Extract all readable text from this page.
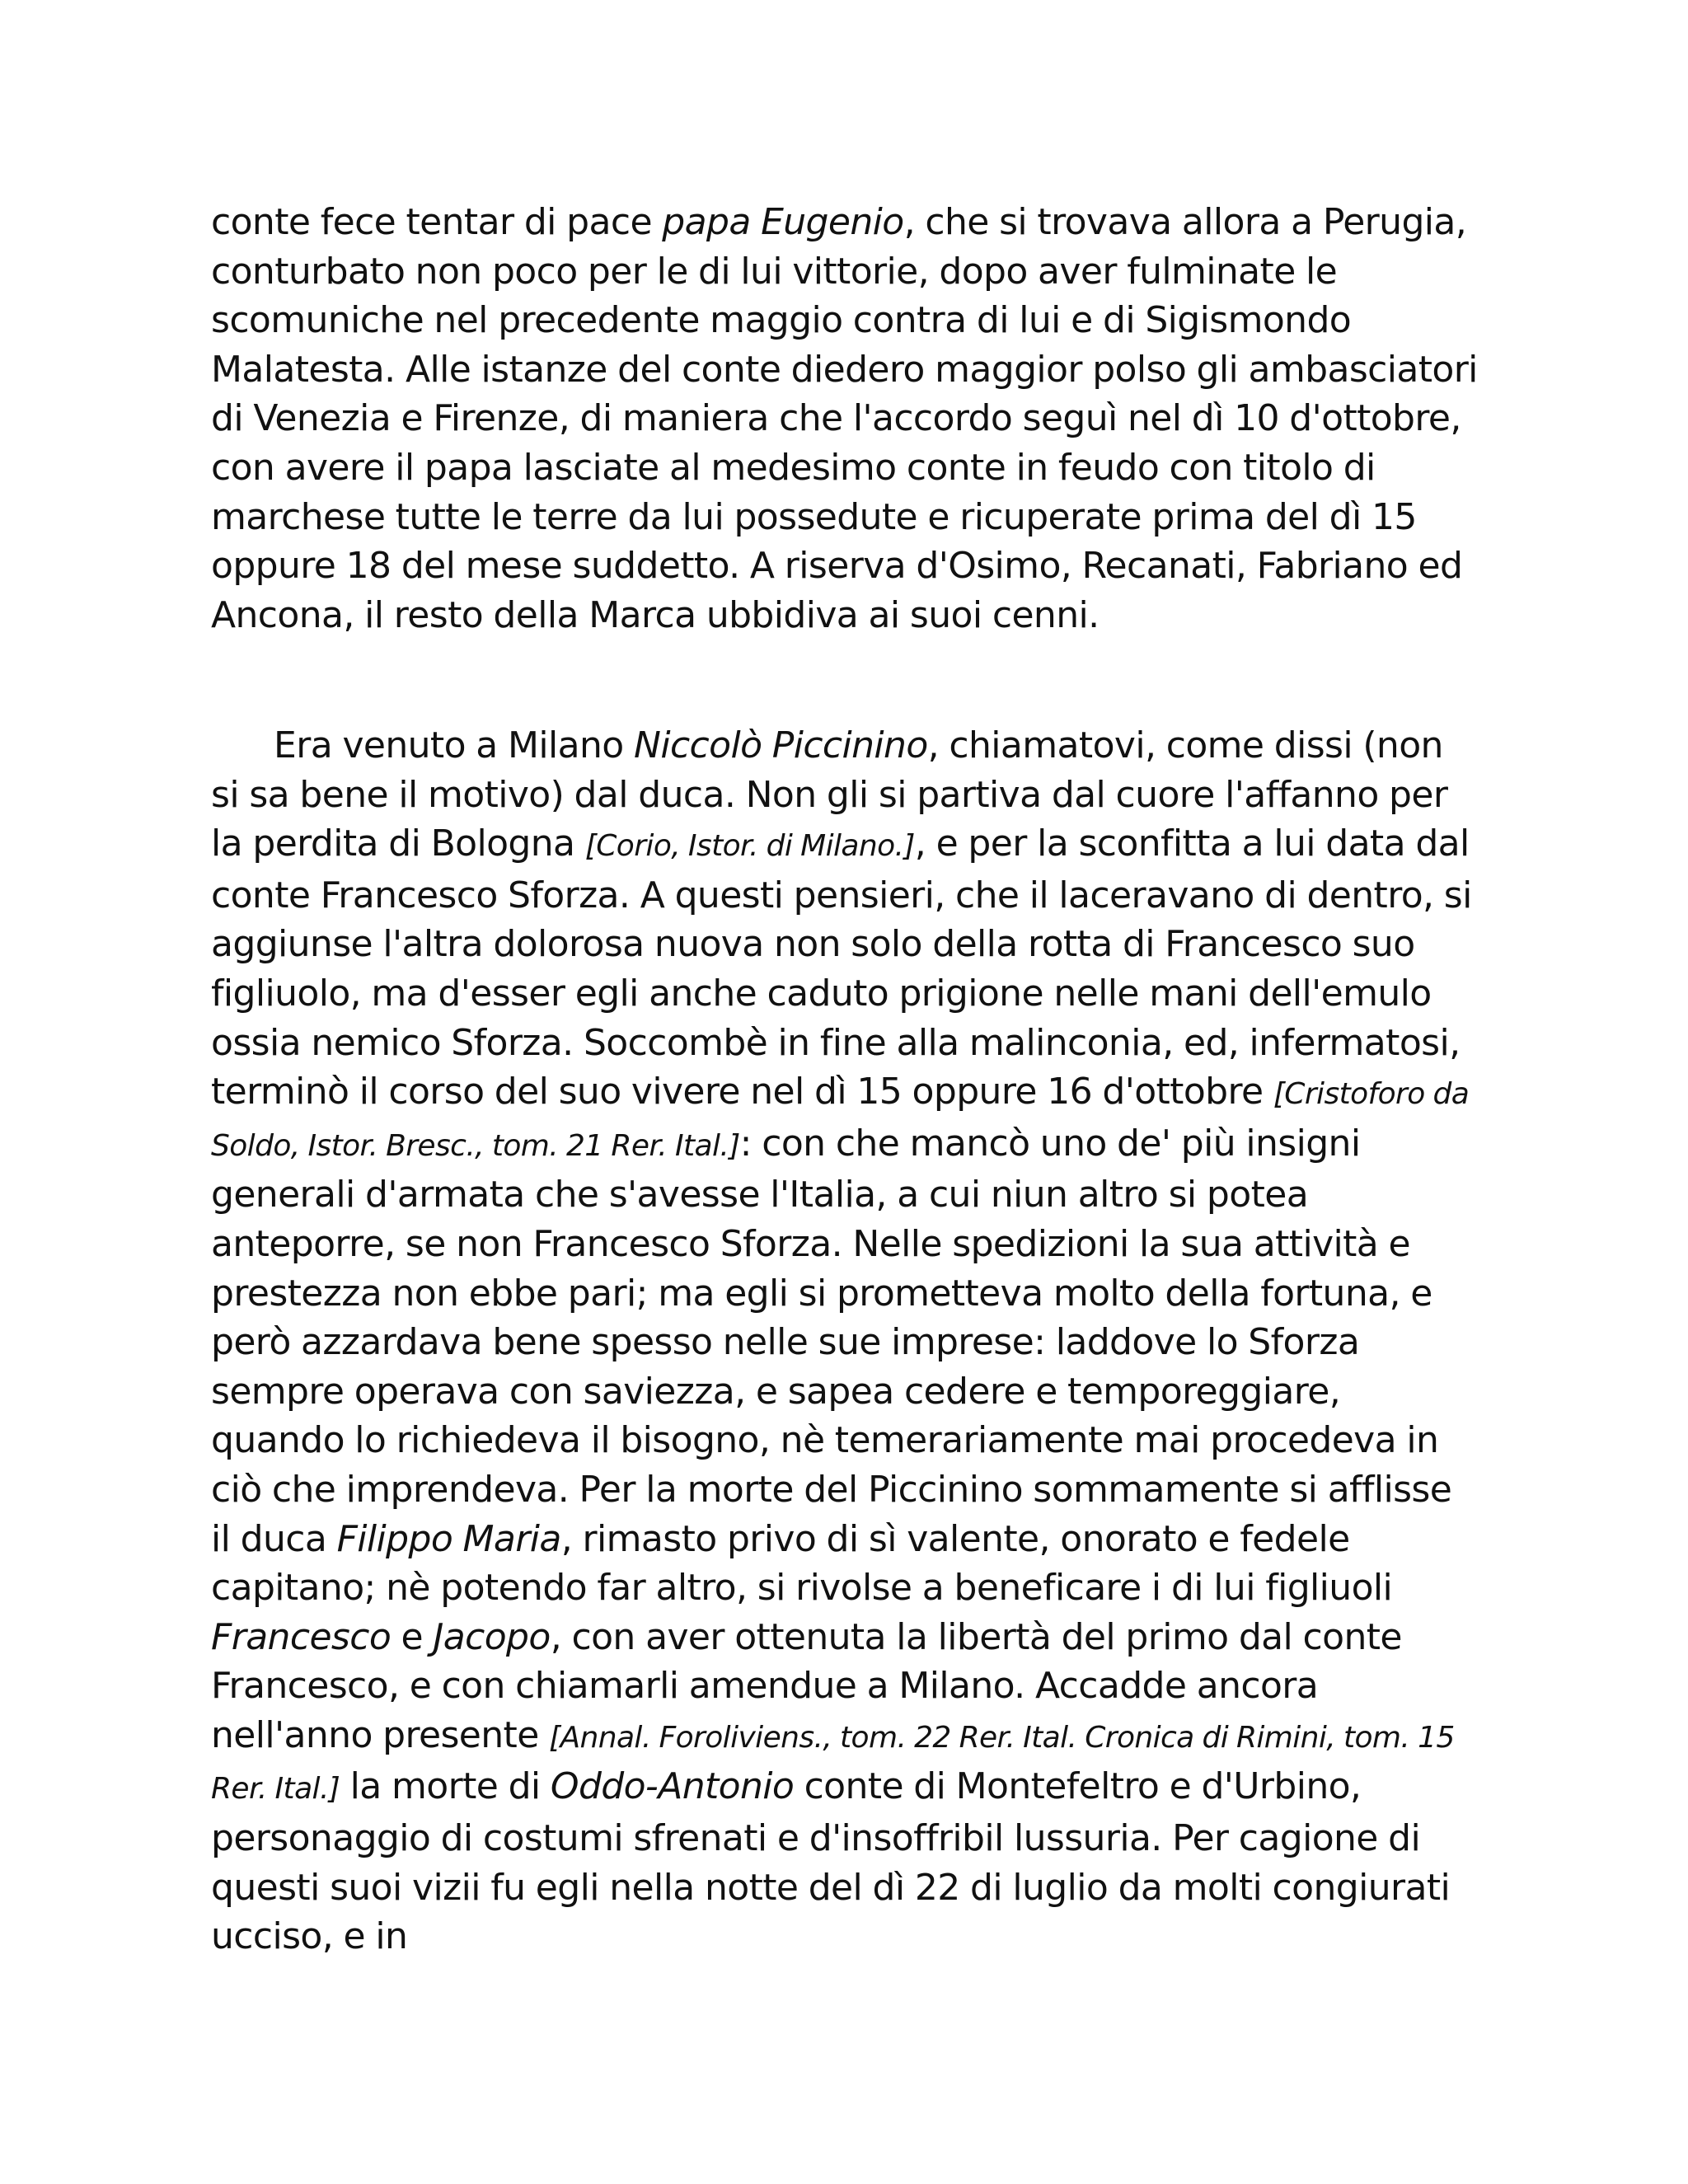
conte fece tentar di pace papa Eugenio, che si trovava allora a Perugia, conturbato non poco per le di lui vittorie, dopo aver fulminate le scomuniche nel precedente maggio contra di lui e di Sigismondo Malatesta. Alle istanze del conte diedero maggior polso gli ambasciatori di Venezia e Firenze, di maniera che l'accordo seguì nel dì 10 d'ottobre, con avere il papa lasciate al medesimo conte in feudo con titolo di marchese tutte le terre da lui possedute e ricuperate prima del dì 15 oppure 18 del mese suddetto. A riserva d'Osimo, Recanati, Fabriano ed Ancona, il resto della Marca ubbidiva ai suoi cenni.

Era venuto a Milano Niccolò Piccinino, chiamatovi, come dissi (non si sa bene il motivo) dal duca. Non gli si partiva dal cuore l'affanno per la perdita di Bologna [Corio, Istor. di Milano.], e per la sconfitta a lui data dal conte Francesco Sforza. A questi pensieri, che il laceravano di dentro, si aggiunse l'altra dolorosa nuova non solo della rotta di Francesco suo figliuolo, ma d'esser egli anche caduto prigione nelle mani dell'emulo ossia nemico Sforza. Soccombè in fine alla malinconia, ed, infermatosi, terminò il corso del suo vivere nel dì 15 oppure 16 d'ottobre [Cristoforo da Soldo, Istor. Bresc., tom. 21 Rer. Ital.]: con che mancò uno de' più insigni generali d'armata che s'avesse l'Italia, a cui niun altro si potea anteporre, se non Francesco Sforza. Nelle spedizioni la sua attività e prestezza non ebbe pari; ma egli si prometteva molto della fortuna, e però azzardava bene spesso nelle sue imprese: laddove lo Sforza sempre operava con saviezza, e sapea cedere e temporeggiare, quando lo richiedeva il bisogno, nè temerariamente mai procedeva in ciò che imprendeva. Per la morte del Piccinino sommamente si afflisse il duca Filippo Maria, rimasto privo di sì valente, onorato e fedele capitano; nè potendo far altro, si rivolse a beneficare i di lui figliuoli Francesco e Jacopo, con aver ottenuta la libertà del primo dal conte Francesco, e con chiamarli amendue a Milano. Accadde ancora nell'anno presente [Annal. Foroliviens., tom. 22 Rer. Ital. Cronica di Rimini, tom. 15 Rer. Ital.] la morte di Oddo-Antonio conte di Montefeltro e d'Urbino, personaggio di costumi sfrenati e d'insoffribil lussuria. Per cagione di questi suoi vizii fu egli nella notte del dì 22 di luglio da molti congiurati ucciso, e in
